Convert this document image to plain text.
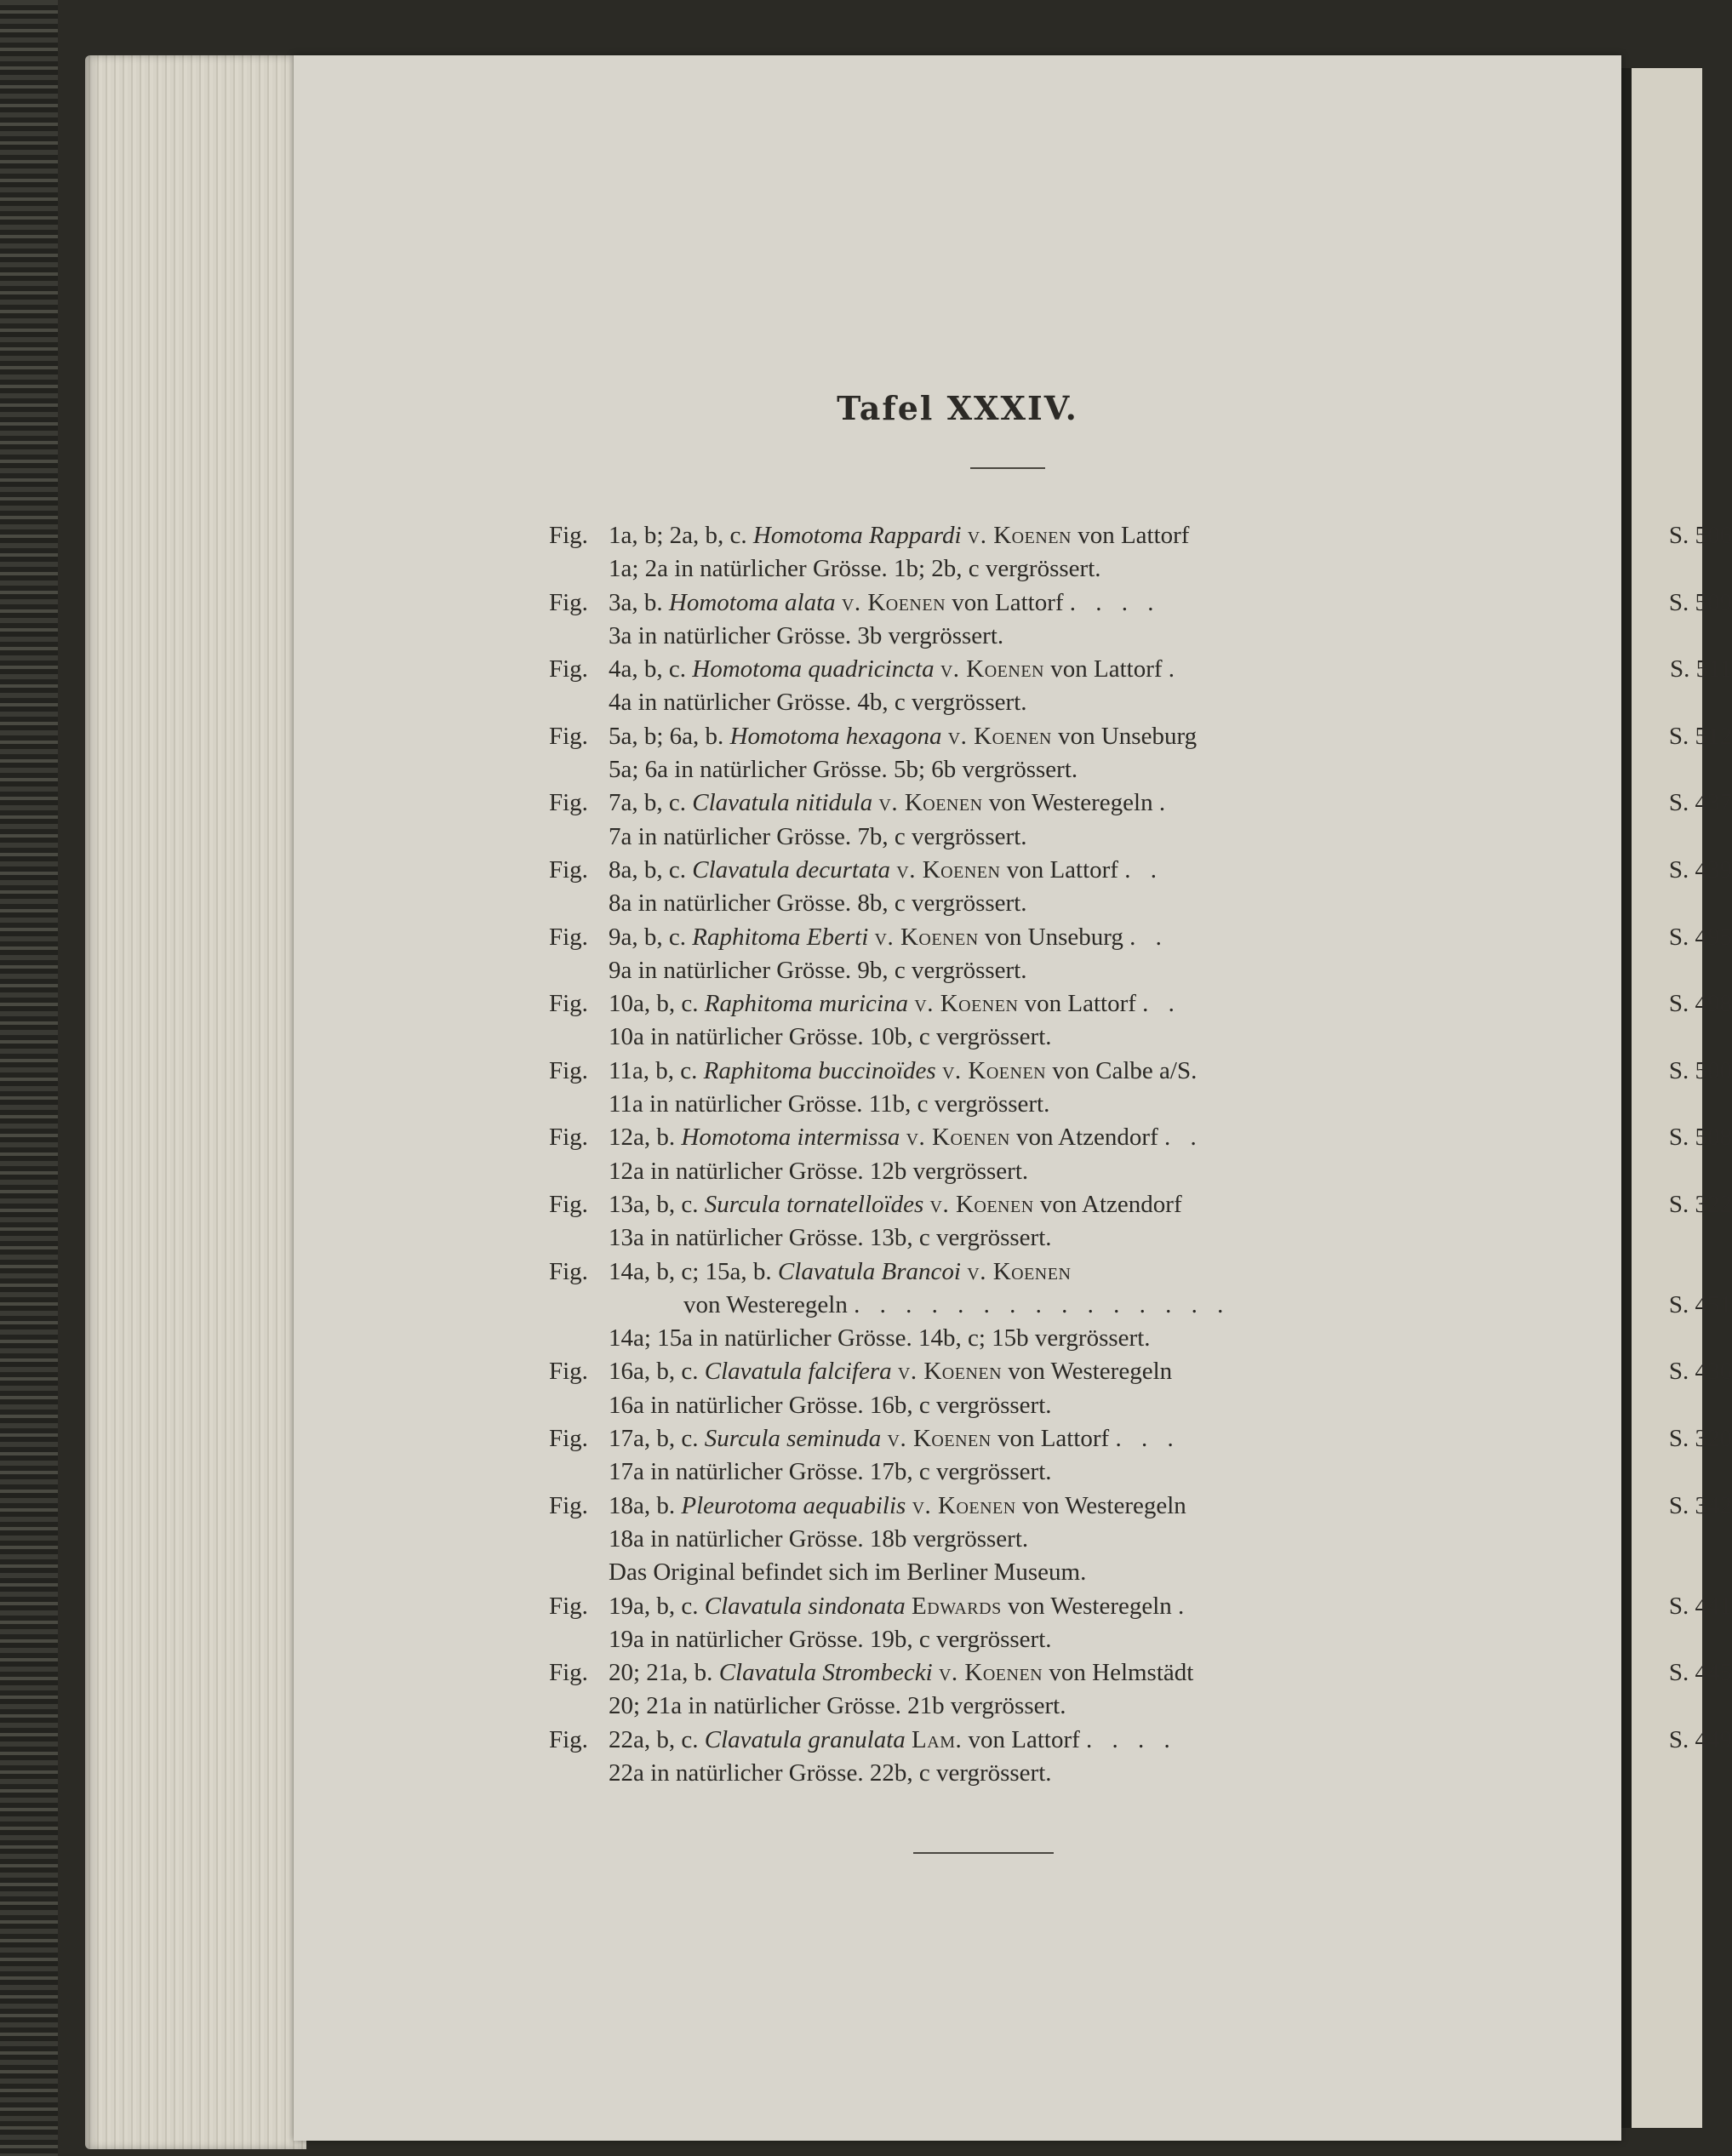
Tafel XXXIV.
Fig. 1a, b; 2a, b, c. Homotoma Rappardi v. Koenen von Lattorf	S. 506
1a; 2a in natürlicher Grösse. 1b; 2b, c vergrössert.
Fig. 3a, b. Homotoma alata v. Koenen von Lattorf . . . .	S. 509
3a in natürlicher Grösse. 3b vergrössert.
Fig. 4a, b, c. Homotoma quadricincta v. Koenen von Lattorf .	S. 511
4a in natürlicher Grösse. 4b, c vergrössert.
Fig. 5a, b; 6a, b. Homotoma hexagona v. Koenen von Unseburg	S. 512
5a; 6a in natürlicher Grösse. 5b; 6b vergrössert.
Fig. 7a, b, c. Clavatula nitidula v. Koenen von Westeregeln .	S. 437
7a in natürlicher Grösse. 7b, c vergrössert.
Fig. 8a, b, c. Clavatula decurtata v. Koenen von Lattorf . .	S. 439
8a in natürlicher Grösse. 8b, c vergrössert.
Fig. 9a, b, c. Raphitoma Eberti v. Koenen von Unseburg . .	S. 495
9a in natürlicher Grösse. 9b, c vergrössert.
Fig. 10a, b, c. Raphitoma muricina v. Koenen von Lattorf . .	S. 498
10a in natürlicher Grösse. 10b, c vergrössert.
Fig. 11a, b, c. Raphitoma buccinoïdes v. Koenen von Calbe a/S.	S. 500
11a in natürlicher Grösse. 11b, c vergrössert.
Fig. 12a, b. Homotoma intermissa v. Koenen von Atzendorf . .	S. 508
12a in natürlicher Grösse. 12b vergrössert.
Fig. 13a, b, c. Surcula tornatelloïdes v. Koenen von Atzendorf	S. 322
13a in natürlicher Grösse. 13b, c vergrössert.
Fig. 14a, b, c; 15a, b. Clavatula Brancoi v. Koenen
von Westeregeln . . . . . . . . . . . . . . .	S. 451
14a; 15a in natürlicher Grösse. 14b, c; 15b vergrössert.
Fig. 16a, b, c. Clavatula falcifera v. Koenen von Westeregeln	S. 436
16a in natürlicher Grösse. 16b, c vergrössert.
Fig. 17a, b, c. Surcula seminuda v. Koenen von Lattorf . . .	S. 320
17a in natürlicher Grösse. 17b, c vergrössert.
Fig. 18a, b. Pleurotoma aequabilis v. Koenen von Westeregeln	S. 342
18a in natürlicher Grösse. 18b vergrössert.
Das Original befindet sich im Berliner Museum.
Fig. 19a, b, c. Clavatula sindonata Edwards von Westeregeln .	S. 441
19a in natürlicher Grösse. 19b, c vergrössert.
Fig. 20; 21a, b. Clavatula Strombecki v. Koenen von Helmstädt	S. 445
20; 21a in natürlicher Grösse. 21b vergrössert.
Fig. 22a, b, c. Clavatula granulata Lam. von Lattorf . . . .	S. 449
22a in natürlicher Grösse. 22b, c vergrössert.
